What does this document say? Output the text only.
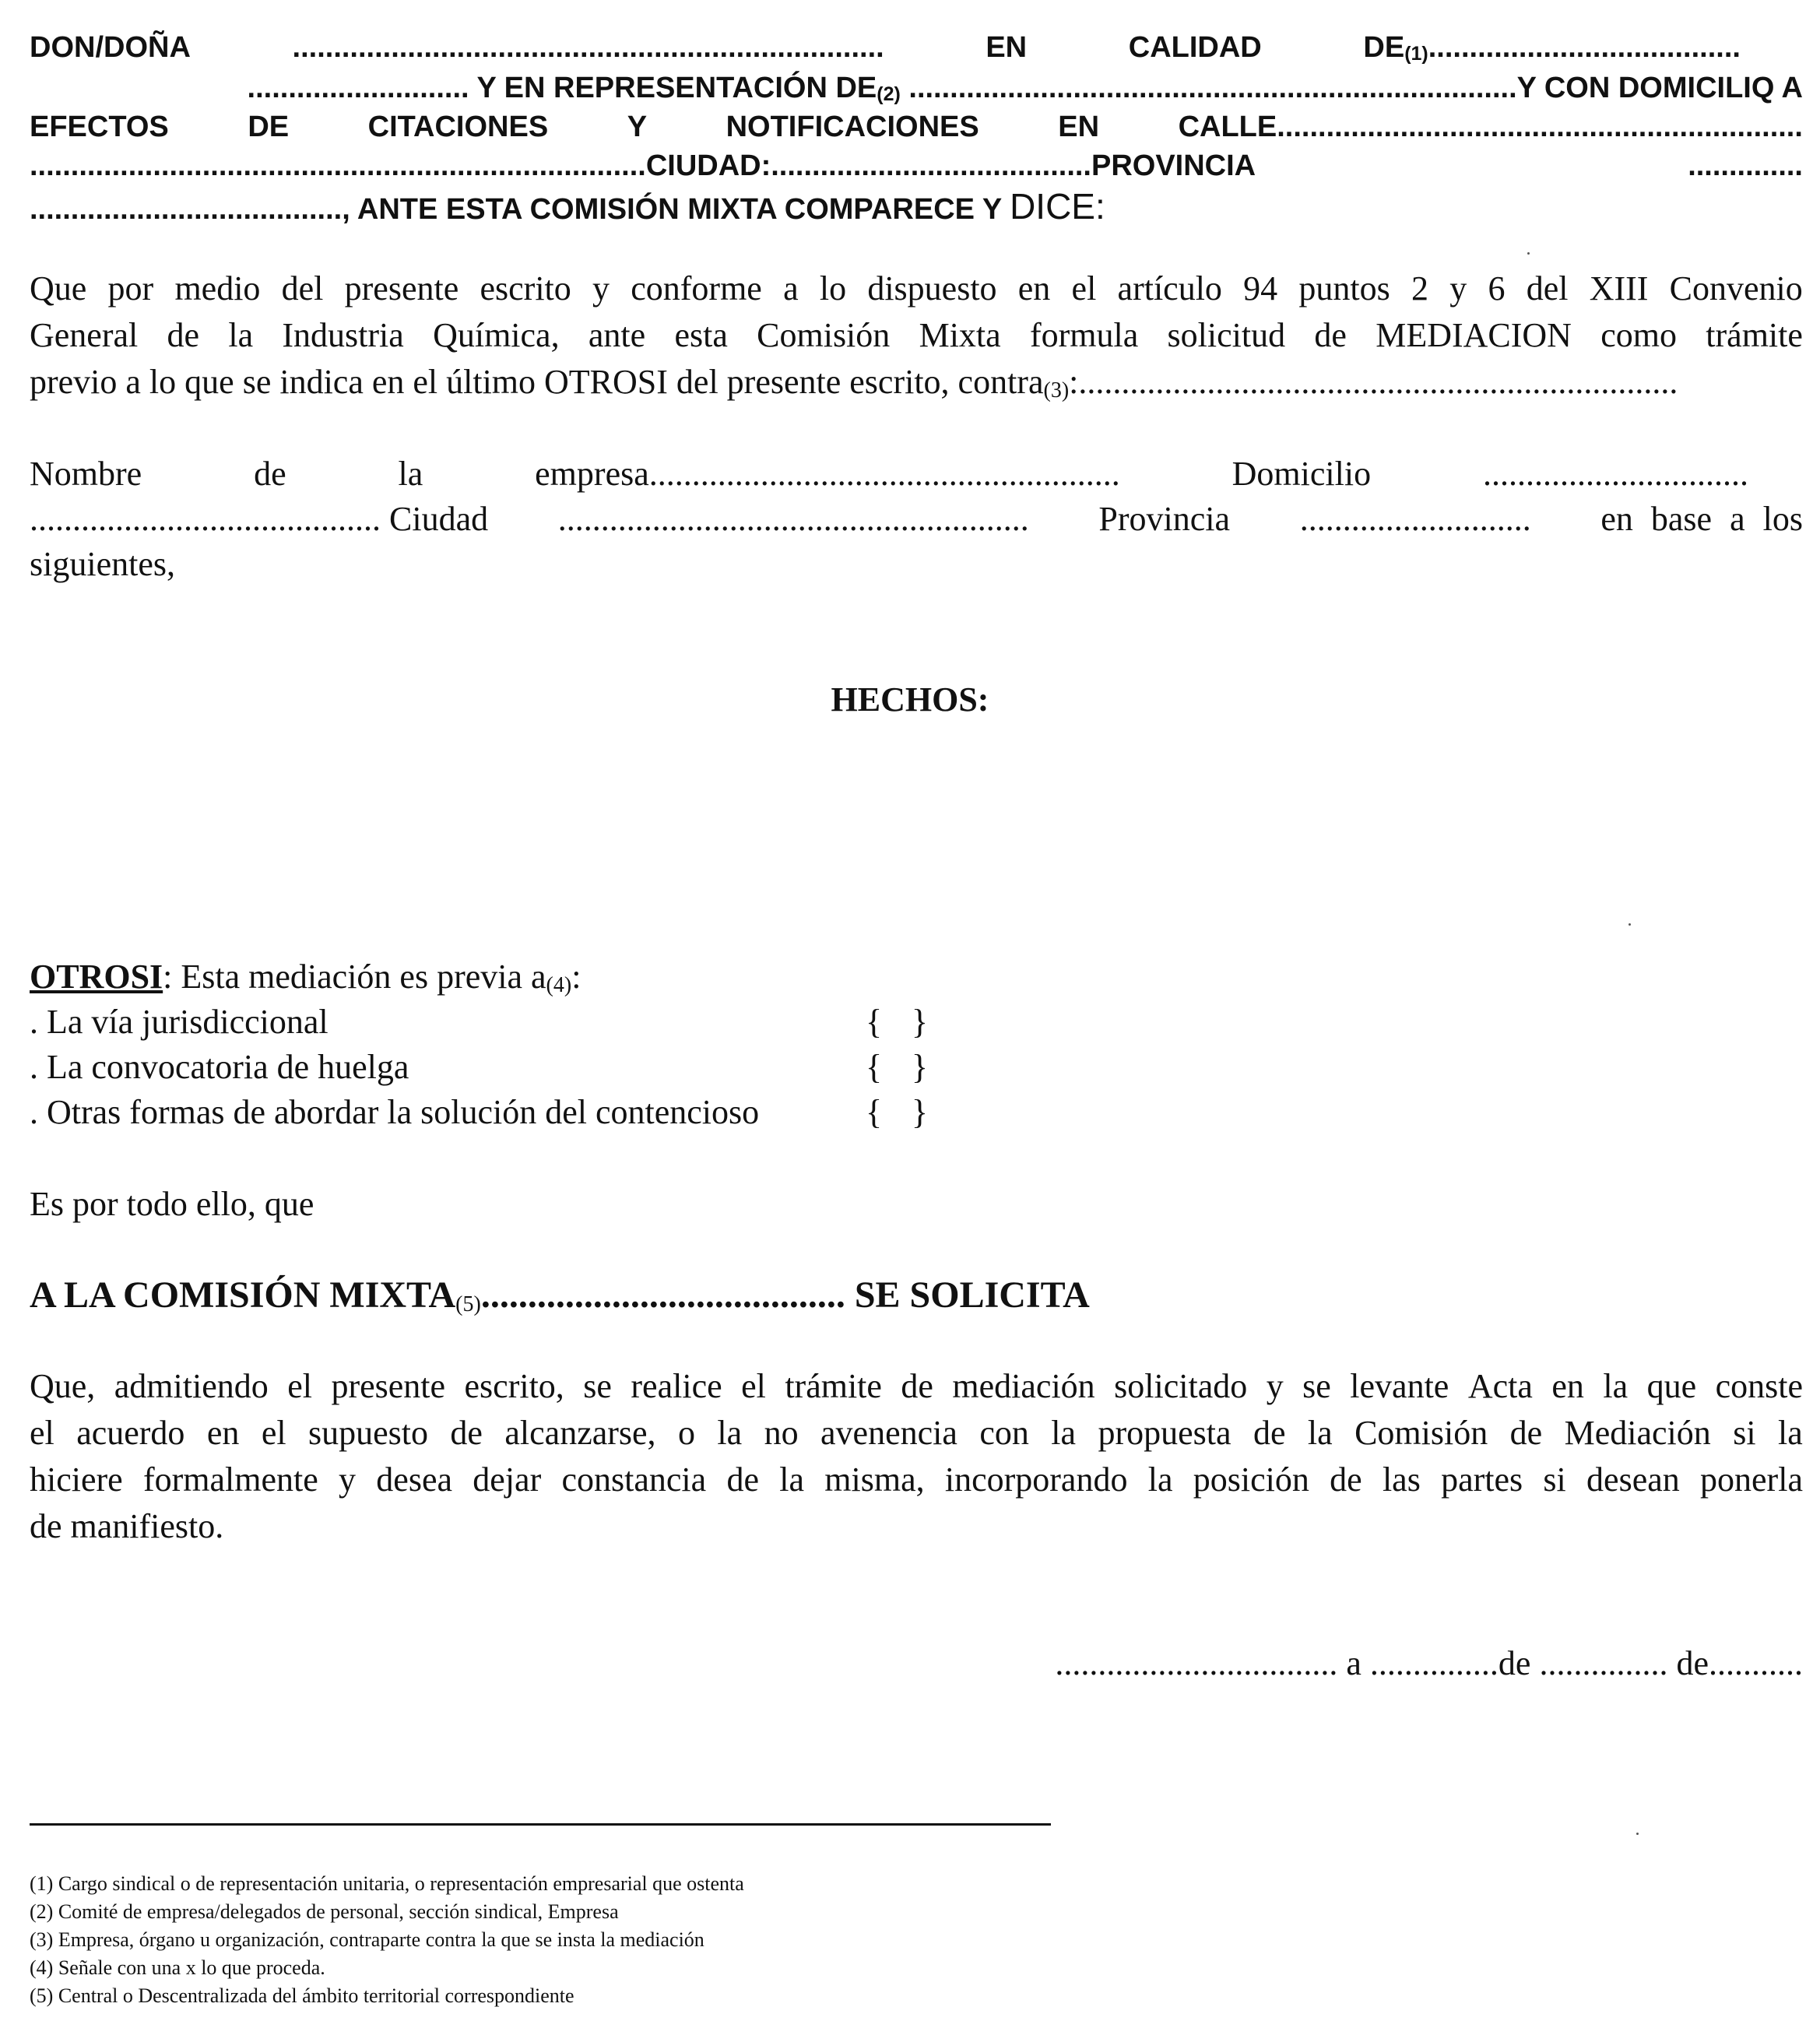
DON/DOÑA	........................................................................	EN	CALIDAD	DE(1)......................................
........................... Y EN REPRESENTACIÓN DE(2) ..........................................................................Y CON DOMICILIQ A
EFECTOS	DE	CITACIONES	Y	NOTIFICACIONES	EN	CALLE................................................................
...........................................................................CIUDAD:.......................................PROVINCIA	..............
......................................, ANTE ESTA COMISIÓN MIXTA COMPARECE Y DICE:
Que por medio del presente escrito y conforme a lo dispuesto en el artículo 94 puntos 2 y 6 del XIII Convenio
General de la Industria Química, ante esta Comisión Mixta formula solicitud de MEDIACION como trámite
previo a lo que se indica en el último OTROSI del presente escrito, contra(3):......................................................................
Nombre	de	la	empresa.......................................................	Domicilio	...............................
......................................... Ciudad ....................................................... Provincia ........................... en base a los
siguientes,
HECHOS:
OTROSI: Esta mediación es previa a(4):
. La vía jurisdiccional	{ }
. La convocatoria de huelga	{ }
. Otras formas de abordar la solución del contencioso	{ }
Es por todo ello, que
A LA COMISIÓN MIXTA(5)....................................... SE SOLICITA
Que, admitiendo el presente escrito, se realice el trámite de mediación solicitado y se levante Acta en la que conste
el acuerdo en el supuesto de alcanzarse, o la no avenencia con la propuesta de la Comisión de Mediación si la
hiciere formalmente y desea dejar constancia de la misma, incorporando la posición de las partes si desean ponerla
de manifiesto.
................................. a ...............de ............... de...........
(1) Cargo sindical o de representación unitaria, o representación empresarial que ostenta
(2) Comité de empresa/delegados de personal, sección sindical, Empresa
(3) Empresa, órgano u organización, contraparte contra la que se insta la mediación
(4) Señale con una x lo que proceda.
(5) Central o Descentralizada del ámbito territorial correspondiente
